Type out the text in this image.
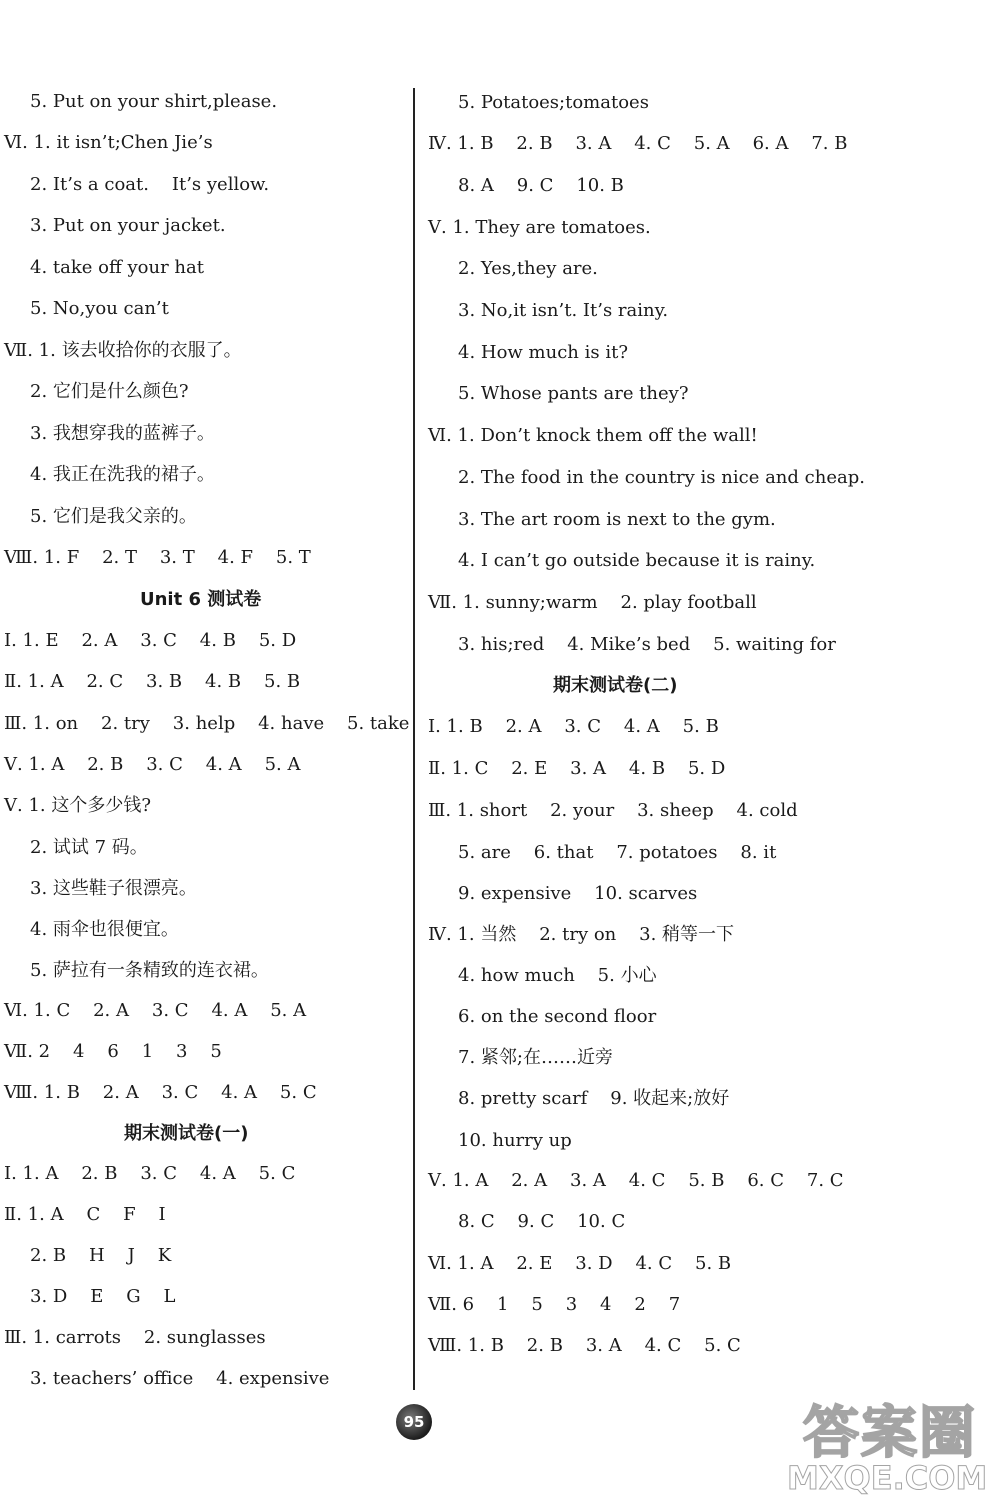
5. Put on your shirt,please.
Ⅵ. 1. it isn’t;Chen Jie’s
2. It’s a coat.    It’s yellow.
3. Put on your jacket.
4. take off your hat
5. No,you can’t
Ⅶ. 1. 该去收拾你的衣服了。
2. 它们是什么颜色?
3. 我想穿我的蓝裤子。
4. 我正在洗我的裙子。
5. 它们是我父亲的。
Ⅷ. 1. F    2. T    3. T    4. F    5. T
Unit 6 测试卷
Ⅰ. 1. E    2. A    3. C    4. B    5. D
Ⅱ. 1. A    2. C    3. B    4. B    5. B
Ⅲ. 1. on    2. try    3. help    4. have    5. take
Ⅴ. 1. A    2. B    3. C    4. A    5. A
Ⅴ. 1. 这个多少钱?
2. 试试 7 码。
3. 这些鞋子很漂亮。
4. 雨伞也很便宜。
5. 萨拉有一条精致的连衣裙。
Ⅵ. 1. C    2. A    3. C    4. A    5. A
Ⅶ. 2    4    6    1    3    5
Ⅷ. 1. B    2. A    3. C    4. A    5. C
期末测试卷(一)
Ⅰ. 1. A    2. B    3. C    4. A    5. C
Ⅱ. 1. A    C    F    I
2. B    H    J    K
3. D    E    G    L
Ⅲ. 1. carrots    2. sunglasses
3. teachers’ office    4. expensive
5. Potatoes;tomatoes
Ⅳ. 1. B    2. B    3. A    4. C    5. A    6. A    7. B
8. A    9. C    10. B
Ⅴ. 1. They are tomatoes.
2. Yes,they are.
3. No,it isn’t. It’s rainy.
4. How much is it?
5. Whose pants are they?
Ⅵ. 1. Don’t knock them off the wall!
2. The food in the country is nice and cheap.
3. The art room is next to the gym.
4. I can’t go outside because it is rainy.
Ⅶ. 1. sunny;warm    2. play football
3. his;red    4. Mike’s bed    5. waiting for
期末测试卷(二)
Ⅰ. 1. B    2. A    3. C    4. A    5. B
Ⅱ. 1. C    2. E    3. A    4. B    5. D
Ⅲ. 1. short    2. your    3. sheep    4. cold
5. are    6. that    7. potatoes    8. it
9. expensive    10. scarves
Ⅳ. 1. 当然    2. try on    3. 稍等一下
4. how much    5. 小心
6. on the second floor
7. 紧邻;在……近旁
8. pretty scarf    9. 收起来;放好
10. hurry up
Ⅴ. 1. A    2. A    3. A    4. C    5. B    6. C    7. C
8. C    9. C    10. C
Ⅵ. 1. A    2. E    3. D    4. C    5. B
Ⅶ. 6    1    5    3    4    2    7
Ⅷ. 1. B    2. B    3. A    4. C    5. C
95	答案圈
MXQE.COM
